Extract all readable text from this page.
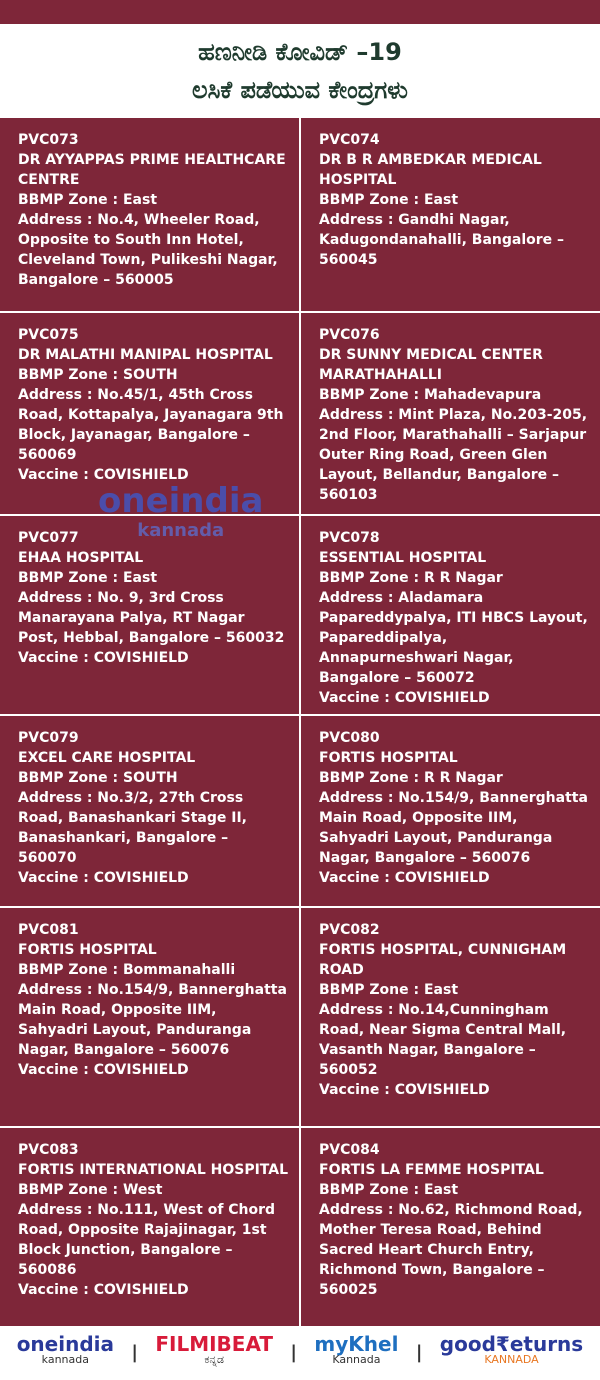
ಹಣನೀಡಿ ಕೋವಿಡ್ –19
ಲಸಿಕೆ ಪಡೆಯುವ ಕೇಂದ್ರಗಳು
PVC073
DR AYYAPPAS PRIME HEALTHCARE CENTRE
BBMP Zone : East
Address : No.4, Wheeler Road, Opposite to South Inn Hotel, Cleveland Town, Pulikeshi Nagar, Bangalore – 560005
PVC074
DR B R AMBEDKAR MEDICAL HOSPITAL
BBMP Zone : East
Address : Gandhi Nagar, Kadugondanahalli, Bangalore – 560045
PVC075
DR MALATHI MANIPAL HOSPITAL
BBMP Zone : SOUTH
Address : No.45/1, 45th Cross Road, Kottapalya, Jayanagara 9th Block, Jayanagar, Bangalore – 560069
Vaccine : COVISHIELD
oneindia
kannada
PVC076
DR SUNNY MEDICAL CENTER MARATHAHALLI
BBMP Zone : Mahadevapura
Address : Mint Plaza, No.203-205, 2nd Floor, Marathahalli – Sarjapur Outer Ring Road, Green Glen Layout, Bellandur, Bangalore – 560103
PVC077
EHAA HOSPITAL
BBMP Zone : East
Address : No. 9, 3rd Cross Manarayana Palya, RT Nagar Post, Hebbal, Bangalore – 560032
Vaccine : COVISHIELD
PVC078
ESSENTIAL HOSPITAL
BBMP Zone : R R Nagar
Address : Aladamara Papareddypalya, ITI HBCS Layout, Papareddipalya, Annapurneshwari Nagar, Bangalore – 560072
Vaccine : COVISHIELD
PVC079
EXCEL CARE HOSPITAL
BBMP Zone : SOUTH
Address : No.3/2, 27th Cross Road, Banashankari Stage II, Banashankari, Bangalore – 560070
Vaccine : COVISHIELD
PVC080
FORTIS HOSPITAL
BBMP Zone : R R Nagar
Address : No.154/9, Bannerghatta Main Road, Opposite IIM, Sahyadri Layout, Panduranga Nagar, Bangalore – 560076
Vaccine : COVISHIELD
PVC081
FORTIS HOSPITAL
BBMP Zone : Bommanahalli
Address : No.154/9, Bannerghatta Main Road, Opposite IIM, Sahyadri Layout, Panduranga Nagar, Bangalore – 560076
Vaccine : COVISHIELD
PVC082
FORTIS HOSPITAL, CUNNIGHAM ROAD
BBMP Zone : East
Address : No.14,Cunningham Road, Near Sigma Central Mall, Vasanth Nagar, Bangalore – 560052
Vaccine : COVISHIELD
PVC083
FORTIS INTERNATIONAL HOSPITAL
BBMP Zone : West
Address : No.111, West of Chord Road, Opposite Rajajinagar, 1st Block Junction, Bangalore – 560086
Vaccine : COVISHIELD
PVC084
FORTIS LA FEMME HOSPITAL
BBMP Zone : East
Address : No.62, Richmond Road, Mother Teresa Road, Behind Sacred Heart Church Entry, Richmond Town, Bangalore – 560025
oneindia
kannada | FILMIBEAT
ಕನ್ನಡ	| myKhel
Kannada | good₹eturns
KANNADA
